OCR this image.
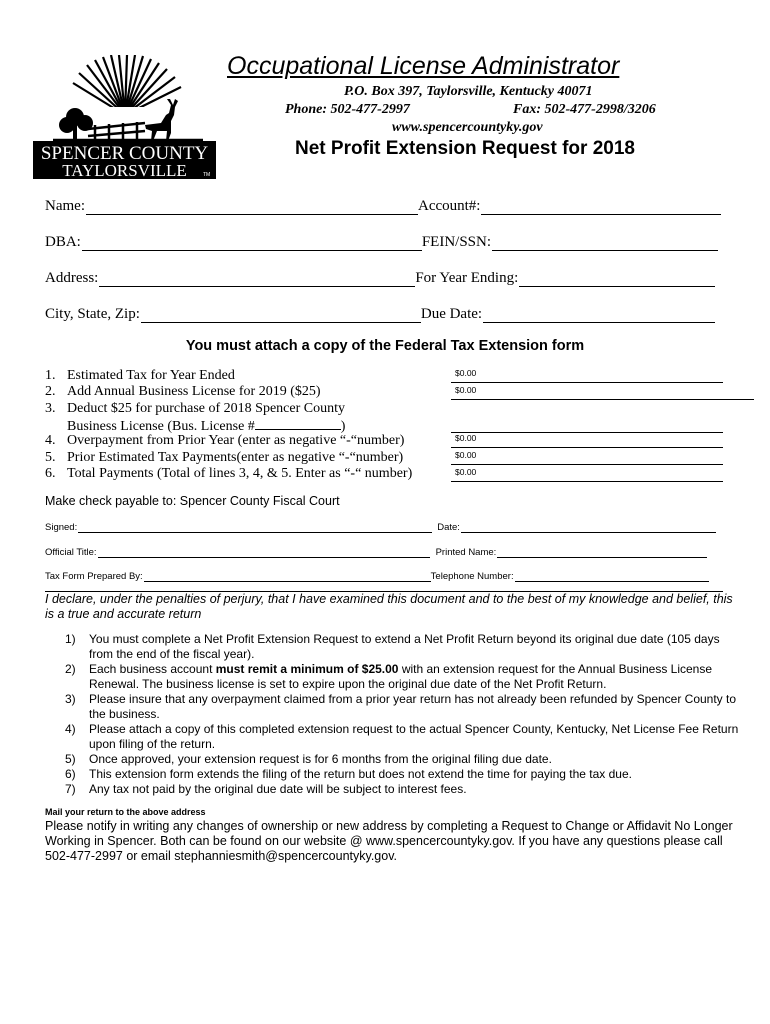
SPENCER COUNTY
TAYLORSVILLE	TM
Occupational License Administrator
P.O. Box 397, Taylorsville, Kentucky 40071
Phone: 502-477-2997	Fax: 502-477-2998/3206
www.spencercountyky.gov
Net Profit Extension Request for 2018
Name:	Account#:
DBA:	FEIN/SSN:
Address:	For Year Ending:
City, State, Zip:	Due Date:
You must attach a copy of the Federal Tax Extension form
1. Estimated Tax for Year Ended	$0.00
2. Add Annual Business License for 2019 ($25)	$0.00
3. Deduct $25 for purchase of 2018 Spencer County
Business License (Bus. License #	)
4. Overpayment from Prior Year (enter as negative “-“number)	$0.00
5. Prior Estimated Tax Payments(enter as negative “-“number)	$0.00
6. Total Payments (Total of lines 3, 4, & 5. Enter as “-“ number)	$0.00
Make check payable to: Spencer County Fiscal Court
Signed:	Date:
Official Title:	Printed Name:
Tax Form Prepared By:	Telephone Number:
I declare, under the penalties of perjury, that I have examined this document and to the best of my knowledge and belief, this is a true and accurate return
1)	You must complete a Net Profit Extension Request to extend a Net Profit Return beyond its original due date (105 days from the end of the fiscal year).
2)	Each business account must remit a minimum of $25.00 with an extension request for the Annual Business License Renewal. The business license is set to expire upon the original due date of the Net Profit Return.
3)	Please insure that any overpayment claimed from a prior year return has not already been refunded by Spencer County to the business.
4)	Please attach a copy of this completed extension request to the actual Spencer County, Kentucky, Net License Fee Return upon filing of the return.
5)	Once approved, your extension request is for 6 months from the original filing due date.
6)	This extension form extends the filing of the return but does not extend the time for paying the tax due.
7)	Any tax not paid by the original due date will be subject to interest fees.
Mail your return to the above address
Please notify in writing any changes of ownership or new address by completing a Request to Change or Affidavit No Longer Working in Spencer. Both can be found on our website @ www.spencercountyky.gov. If you have any questions please call 502-477-2997 or email stephanniesmith@spencercountyky.gov.
